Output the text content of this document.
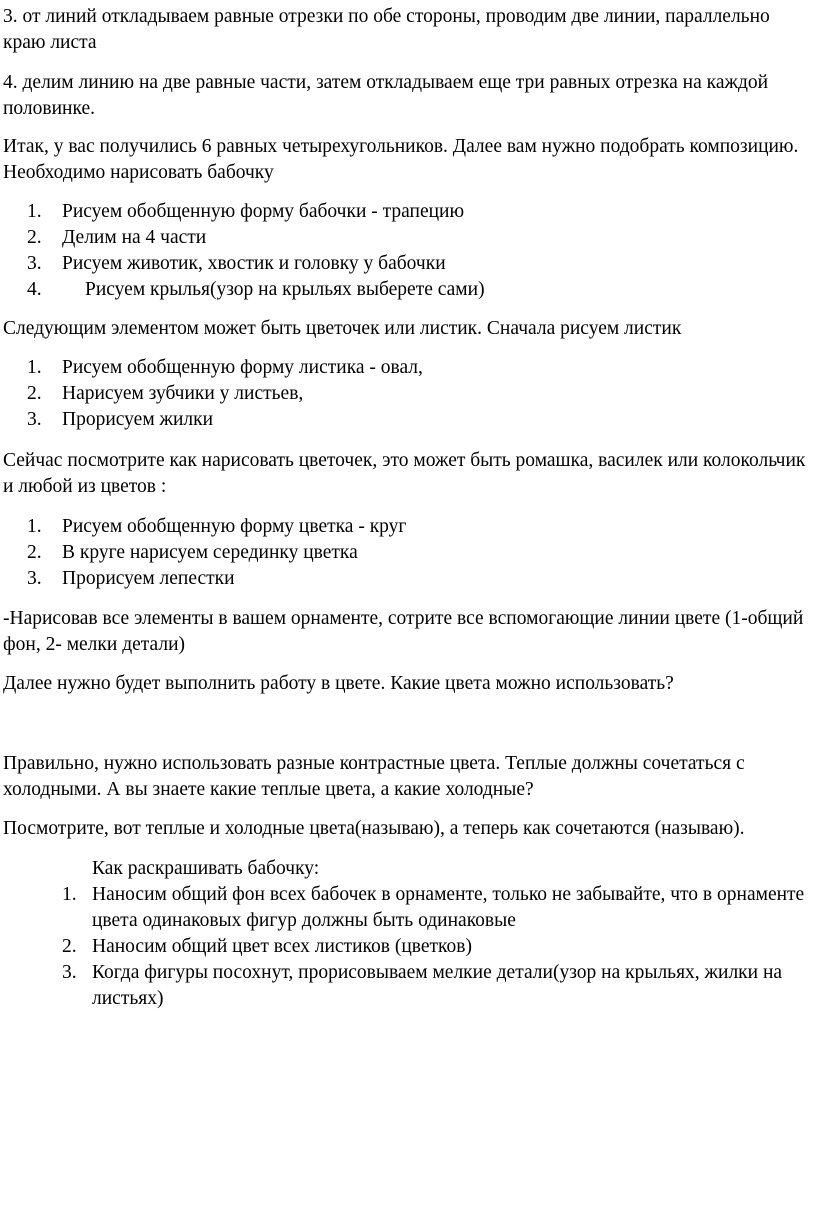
3. от линий откладываем равные отрезки по обе стороны, проводим две линии, параллельно краю листа

4. делим линию на две равные части, затем откладываем еще три равных отрезка на каждой половинке.

Итак, у вас получились 6 равных четырехугольников. Далее вам нужно подобрать композицию. Необходимо нарисовать бабочку

1. Рисуем обобщенную форму бабочки - трапецию
2. Делим на 4 части
3. Рисуем животик, хвостик и головку у бабочки
4. Рисуем крылья(узор на крыльях выберете сами)

Следующим элементом может быть цветочек или листик. Сначала рисуем листик

1. Рисуем обобщенную форму листика - овал,
2. Нарисуем зубчики у листьев,
3. Прорисуем жилки

Сейчас посмотрите как нарисовать цветочек, это может быть ромашка, василек или колокольчик и любой из цветов :

1. Рисуем обобщенную форму цветка - круг
2. В круге нарисуем серединку цветка
3. Прорисуем лепестки

-Нарисовав все элементы в вашем орнаменте, сотрите все вспомогающие линии цвете (1-общий фон, 2- мелки детали)

Далее нужно будет выполнить работу в цвете. Какие цвета можно использовать?

Правильно, нужно использовать разные контрастные цвета. Теплые должны сочетаться с холодными. А вы знаете какие теплые цвета, а какие холодные?

Посмотрите, вот теплые и холодные цвета(называю), а теперь как сочетаются (называю).

Как раскрашивать бабочку:

1. Наносим общий фон всех бабочек в орнаменте, только не забывайте, что в орнаменте цвета одинаковых фигур должны быть одинаковые
2. Наносим общий цвет всех листиков (цветков)
3. Когда фигуры посохнут, прорисовываем мелкие детали(узор на крыльях, жилки на листьях)
